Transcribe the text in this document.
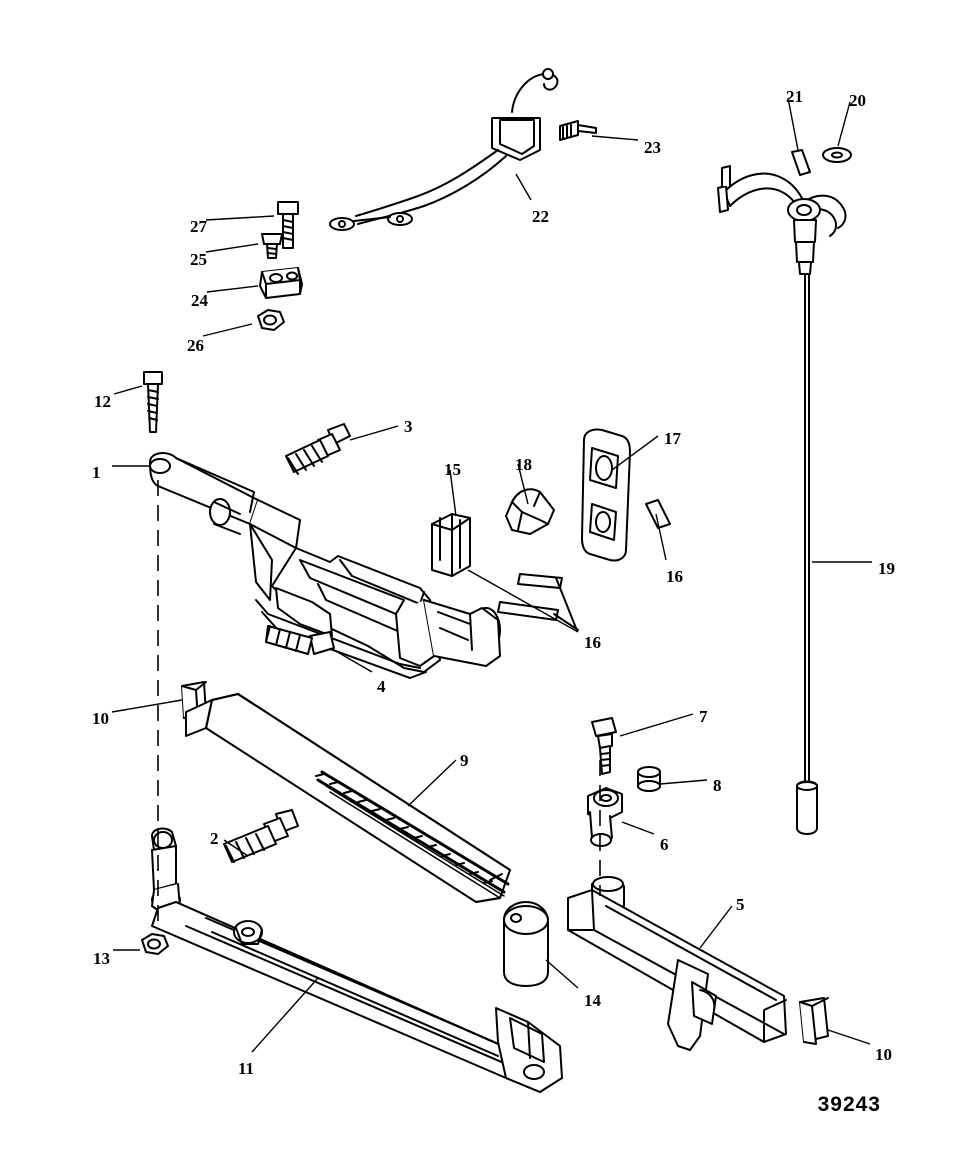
1
2
3
4
5
6
7
8
9
10
10
11
12
13
14
15
16
16
17
18
19
20
21
22
23
24
25
26
27
39243
